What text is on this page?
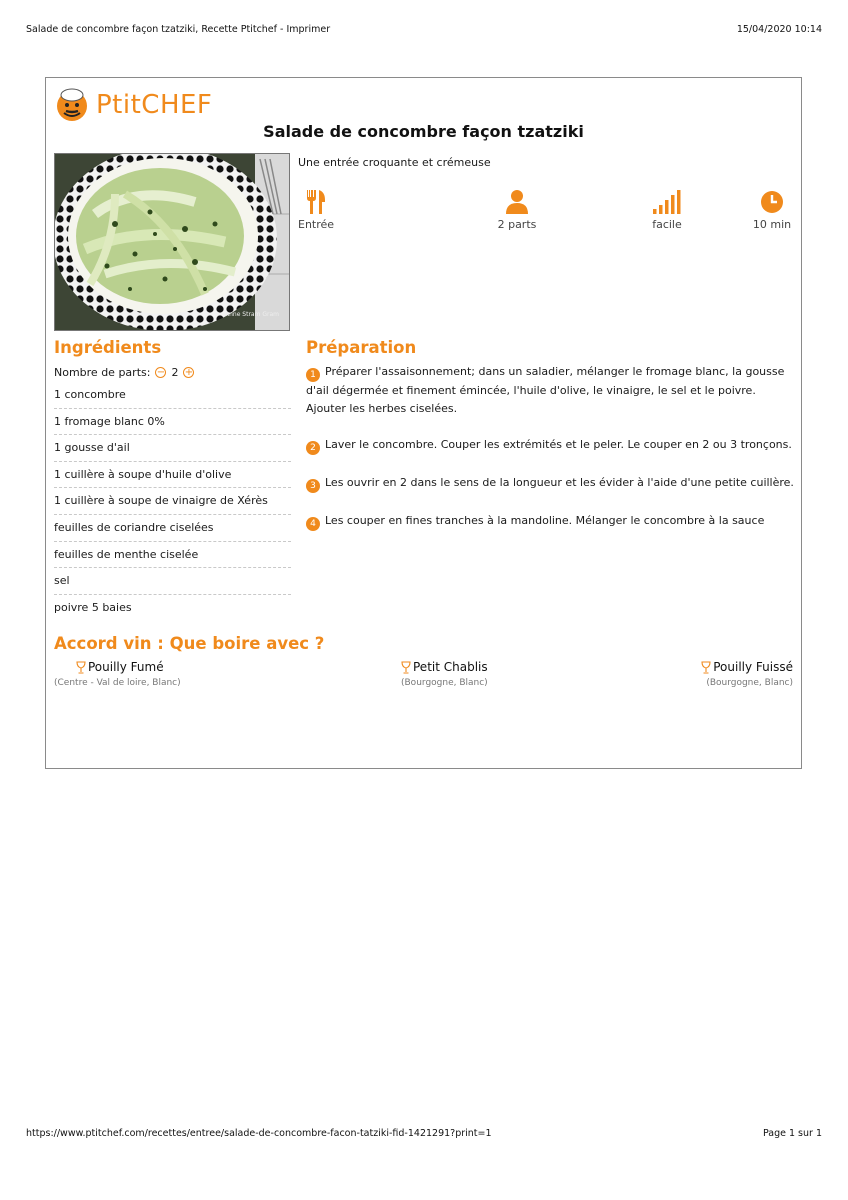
Salade de concombre façon tzatziki, Recette Ptitchef - Imprimer	15/04/2020 10:14
PtitCHEF
Salade de concombre façon tzatziki
Anne Stram Gram
Une entrée croquante et crémeuse
Entrée	2 parts	facile	10 min
Ingrédients
Nombre de parts: − 2 +
1 concombre
1 fromage blanc 0%
1 gousse d'ail
1 cuillère à soupe d'huile d'olive
1 cuillère à soupe de vinaigre de Xérès
feuilles de coriandre ciselées
feuilles de menthe ciselée
sel
poivre 5 baies
Préparation
1 Préparer l'assaisonnement; dans un saladier, mélanger le fromage blanc, la gousse d'ail dégermée et finement émincée, l'huile d'olive, le vinaigre, le sel et le poivre. Ajouter les herbes ciselées.
2 Laver le concombre. Couper les extrémités et le peler. Le couper en 2 ou 3 tronçons.
3 Les ouvrir en 2 dans le sens de la longueur et les évider à l'aide d'une petite cuillère.
4 Les couper en fines tranches à la mandoline. Mélanger le concombre à la sauce
Accord vin : Que boire avec ?
Pouilly Fumé
(Centre - Val de loire, Blanc)
Petit Chablis
(Bourgogne, Blanc)
Pouilly Fuissé
(Bourgogne, Blanc)
https://www.ptitchef.com/recettes/entree/salade-de-concombre-facon-tatziki-fid-1421291?print=1	Page 1 sur 1
